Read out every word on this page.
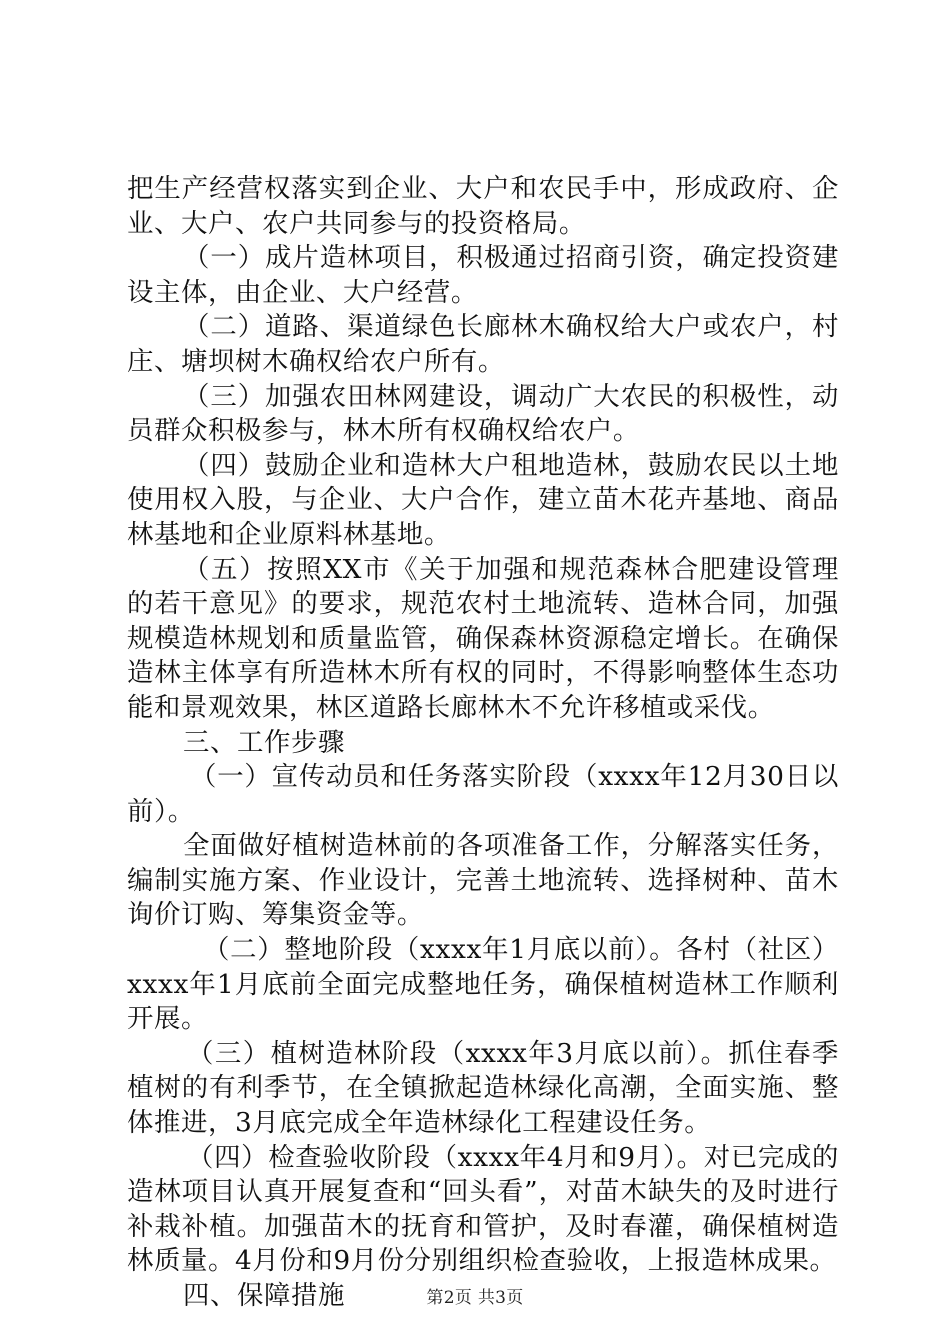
把生产经营权落实到企业、大户和农民手中，形成政府、企业、大户、农户共同参与的投资格局。

（一）成片造林项目，积极通过招商引资，确定投资建设主体，由企业、大户经营。

（二）道路、渠道绿色长廊林木确权给大户或农户，村庄、塘坝树木确权给农户所有。

（三）加强农田林网建设，调动广大农民的积极性，动员群众积极参与，林木所有权确权给农户。

（四）鼓励企业和造林大户租地造林，鼓励农民以土地使用权入股，与企业、大户合作，建立苗木花卉基地、商品林基地和企业原料林基地。

（五）按照XX市《关于加强和规范森林合肥建设管理的若干意见》的要求，规范农村土地流转、造林合同，加强规模造林规划和质量监管，确保森林资源稳定增长。在确保造林主体享有所造林木所有权的同时，不得影响整体生态功能和景观效果，林区道路长廊林木不允许移植或采伐。

三、工作步骤

（一）宣传动员和任务落实阶段（xxxx年12月30日以前）。

全面做好植树造林前的各项准备工作，分解落实任务，编制实施方案、作业设计，完善土地流转、选择树种、苗木询价订购、筹集资金等。

（二）整地阶段（xxxx年1月底以前）。各村（社区）xxxx年1月底前全面完成整地任务，确保植树造林工作顺利开展。

（三）植树造林阶段（xxxx年3月底以前）。抓住春季植树的有利季节，在全镇掀起造林绿化高潮，全面实施、整体推进，3月底完成全年造林绿化工程建设任务。

（四）检查验收阶段（xxxx年4月和9月）。对已完成的造林项目认真开展复查和“回头看”，对苗木缺失的及时进行补栽补植。加强苗木的抚育和管护，及时春灌，确保植树造林质量。4月份和9月份分别组织检查验收，上报造林成果。

四、保障措施	第2页 共3页
